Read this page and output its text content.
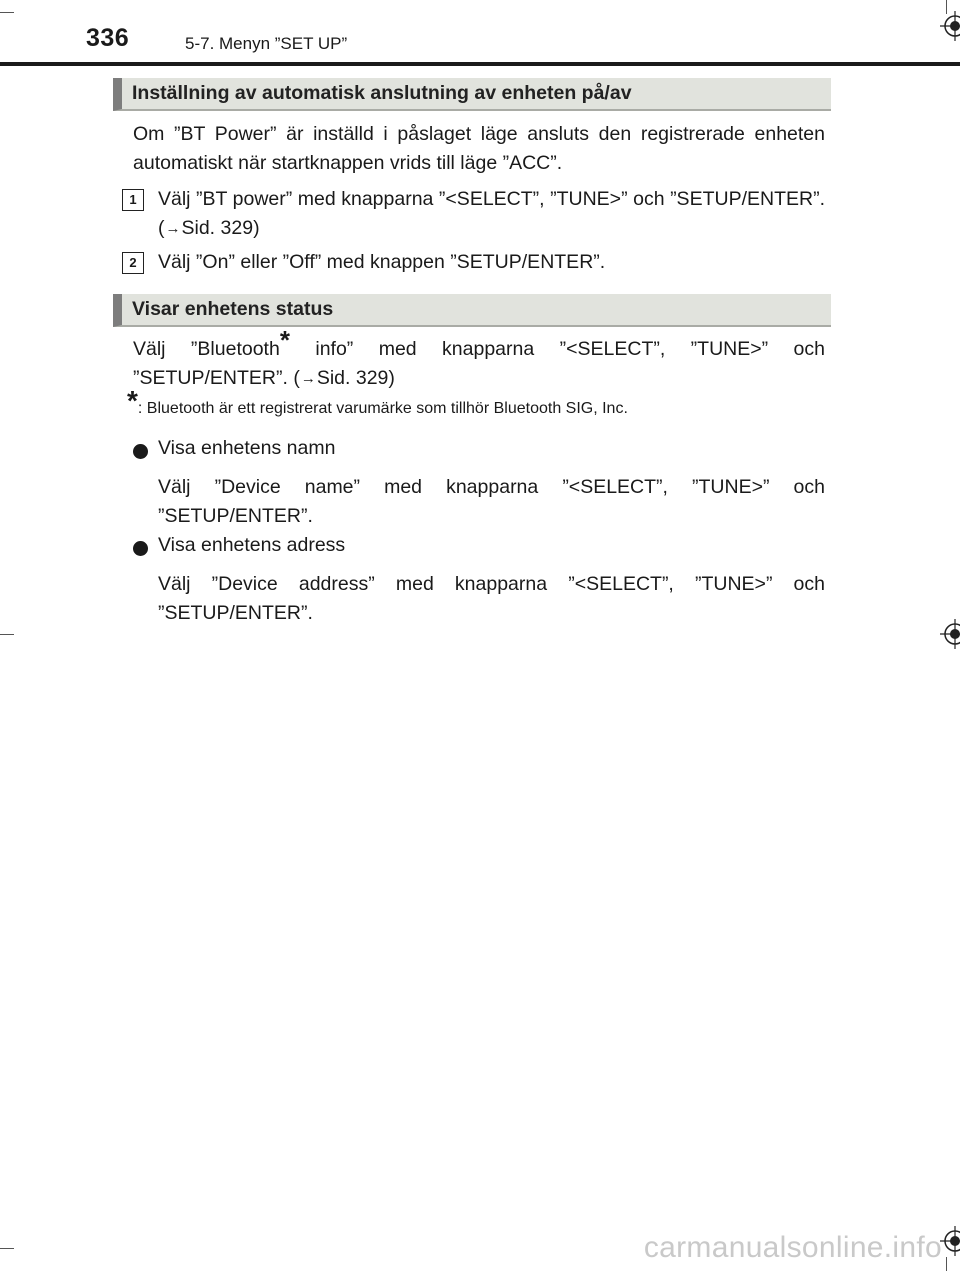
336	5-7. Menyn ”SET UP”
Inställning av automatisk anslutning av enheten på/av
Om ”BT Power” är inställd i påslaget läge ansluts den registrerade enheten automatiskt när startknappen vrids till läge ”ACC”.
1	Välj ”BT power” med knapparna ”<SELECT”, ”TUNE>” och ”SETUP/ENTER”. (→Sid. 329)
2	Välj ”On” eller ”Off” med knappen ”SETUP/ENTER”.
Visar enhetens status
Välj ”Bluetooth* info” med knapparna ”<SELECT”, ”TUNE>” och ”SETUP/ENTER”. (→Sid. 329)
*: Bluetooth är ett registrerat varumärke som tillhör Bluetooth SIG, Inc.
Visa enhetens namn
Välj ”Device name” med knapparna ”<SELECT”, ”TUNE>” och ”SETUP/ENTER”.
Visa enhetens adress
Välj ”Device address” med knapparna ”<SELECT”, ”TUNE>” och ”SETUP/ENTER”.
carmanualsonline.info
